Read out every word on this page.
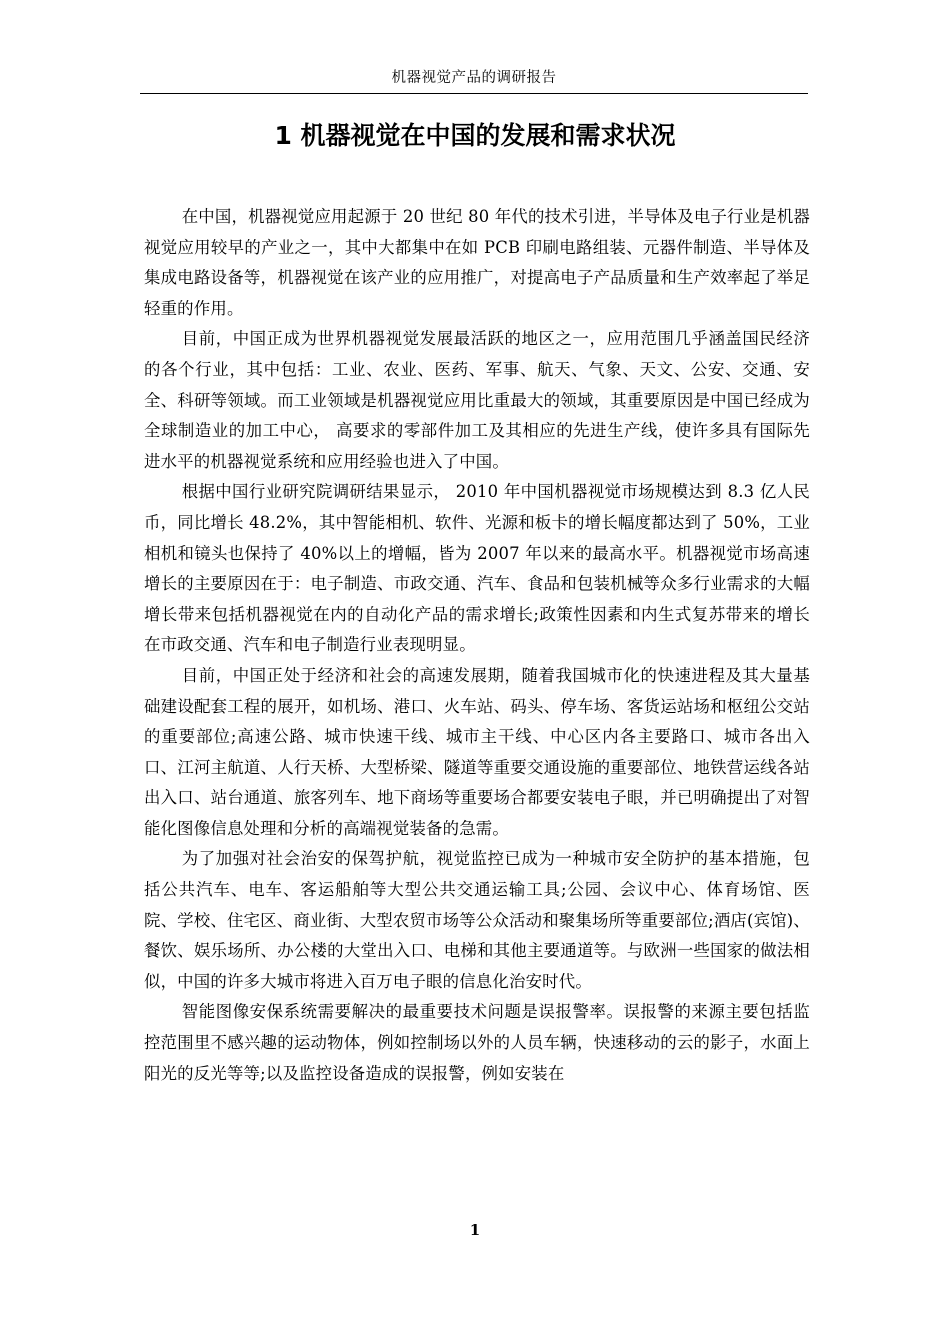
机器视觉产品的调研报告
1 机器视觉在中国的发展和需求状况

在中国，机器视觉应用起源于 20 世纪 80 年代的技术引进，半导体及电子行业是机器视觉应用较早的产业之一，其中大都集中在如 PCB 印刷电路组装、元器件制造、半导体及集成电路设备等，机器视觉在该产业的应用推广，对提高电子产品质量和生产效率起了举足轻重的作用。

目前，中国正成为世界机器视觉发展最活跃的地区之一，应用范围几乎涵盖国民经济的各个行业，其中包括：工业、农业、医药、军事、航天、气象、天文、公安、交通、安全、科研等领域。而工业领域是机器视觉应用比重最大的领域，其重要原因是中国已经成为全球制造业的加工中心， 高要求的零部件加工及其相应的先进生产线，使许多具有国际先进水平的机器视觉系统和应用经验也进入了中国。

根据中国行业研究院调研结果显示， 2010 年中国机器视觉市场规模达到 8.3 亿人民币，同比增长 48.2%，其中智能相机、软件、光源和板卡的增长幅度都达到了 50%，工业相机和镜头也保持了 40%以上的增幅，皆为 2007 年以来的最高水平。机器视觉市场高速增长的主要原因在于：电子制造、市政交通、汽车、食品和包装机械等众多行业需求的大幅增长带来包括机器视觉在内的自动化产品的需求增长;政策性因素和内生式复苏带来的增长在市政交通、汽车和电子制造行业表现明显。

目前，中国正处于经济和社会的高速发展期，随着我国城市化的快速进程及其大量基础建设配套工程的展开，如机场、港口、火车站、码头、停车场、客货运站场和枢纽公交站的重要部位;高速公路、城市快速干线、城市主干线、中心区内各主要路口、城市各出入口、江河主航道、人行天桥、大型桥梁、隧道等重要交通设施的重要部位、地铁营运线各站出入口、站台通道、旅客列车、地下商场等重要场合都要安装电子眼，并已明确提出了对智能化图像信息处理和分析的高端视觉装备的急需。

为了加强对社会治安的保驾护航，视觉监控已成为一种城市安全防护的基本措施，包括公共汽车、电车、客运船舶等大型公共交通运输工具;公园、会议中心、体育场馆、医院、学校、住宅区、商业街、大型农贸市场等公众活动和聚集场所等重要部位;酒店(宾馆)、餐饮、娱乐场所、办公楼的大堂出入口、电梯和其他主要通道等。与欧洲一些国家的做法相似，中国的许多大城市将进入百万电子眼的信息化治安时代。

智能图像安保系统需要解决的最重要技术问题是误报警率。误报警的来源主要包括监控范围里不感兴趣的运动物体，例如控制场以外的人员车辆，快速移动的云的影子，水面上阳光的反光等等;以及监控设备造成的误报警，例如安装在

1
